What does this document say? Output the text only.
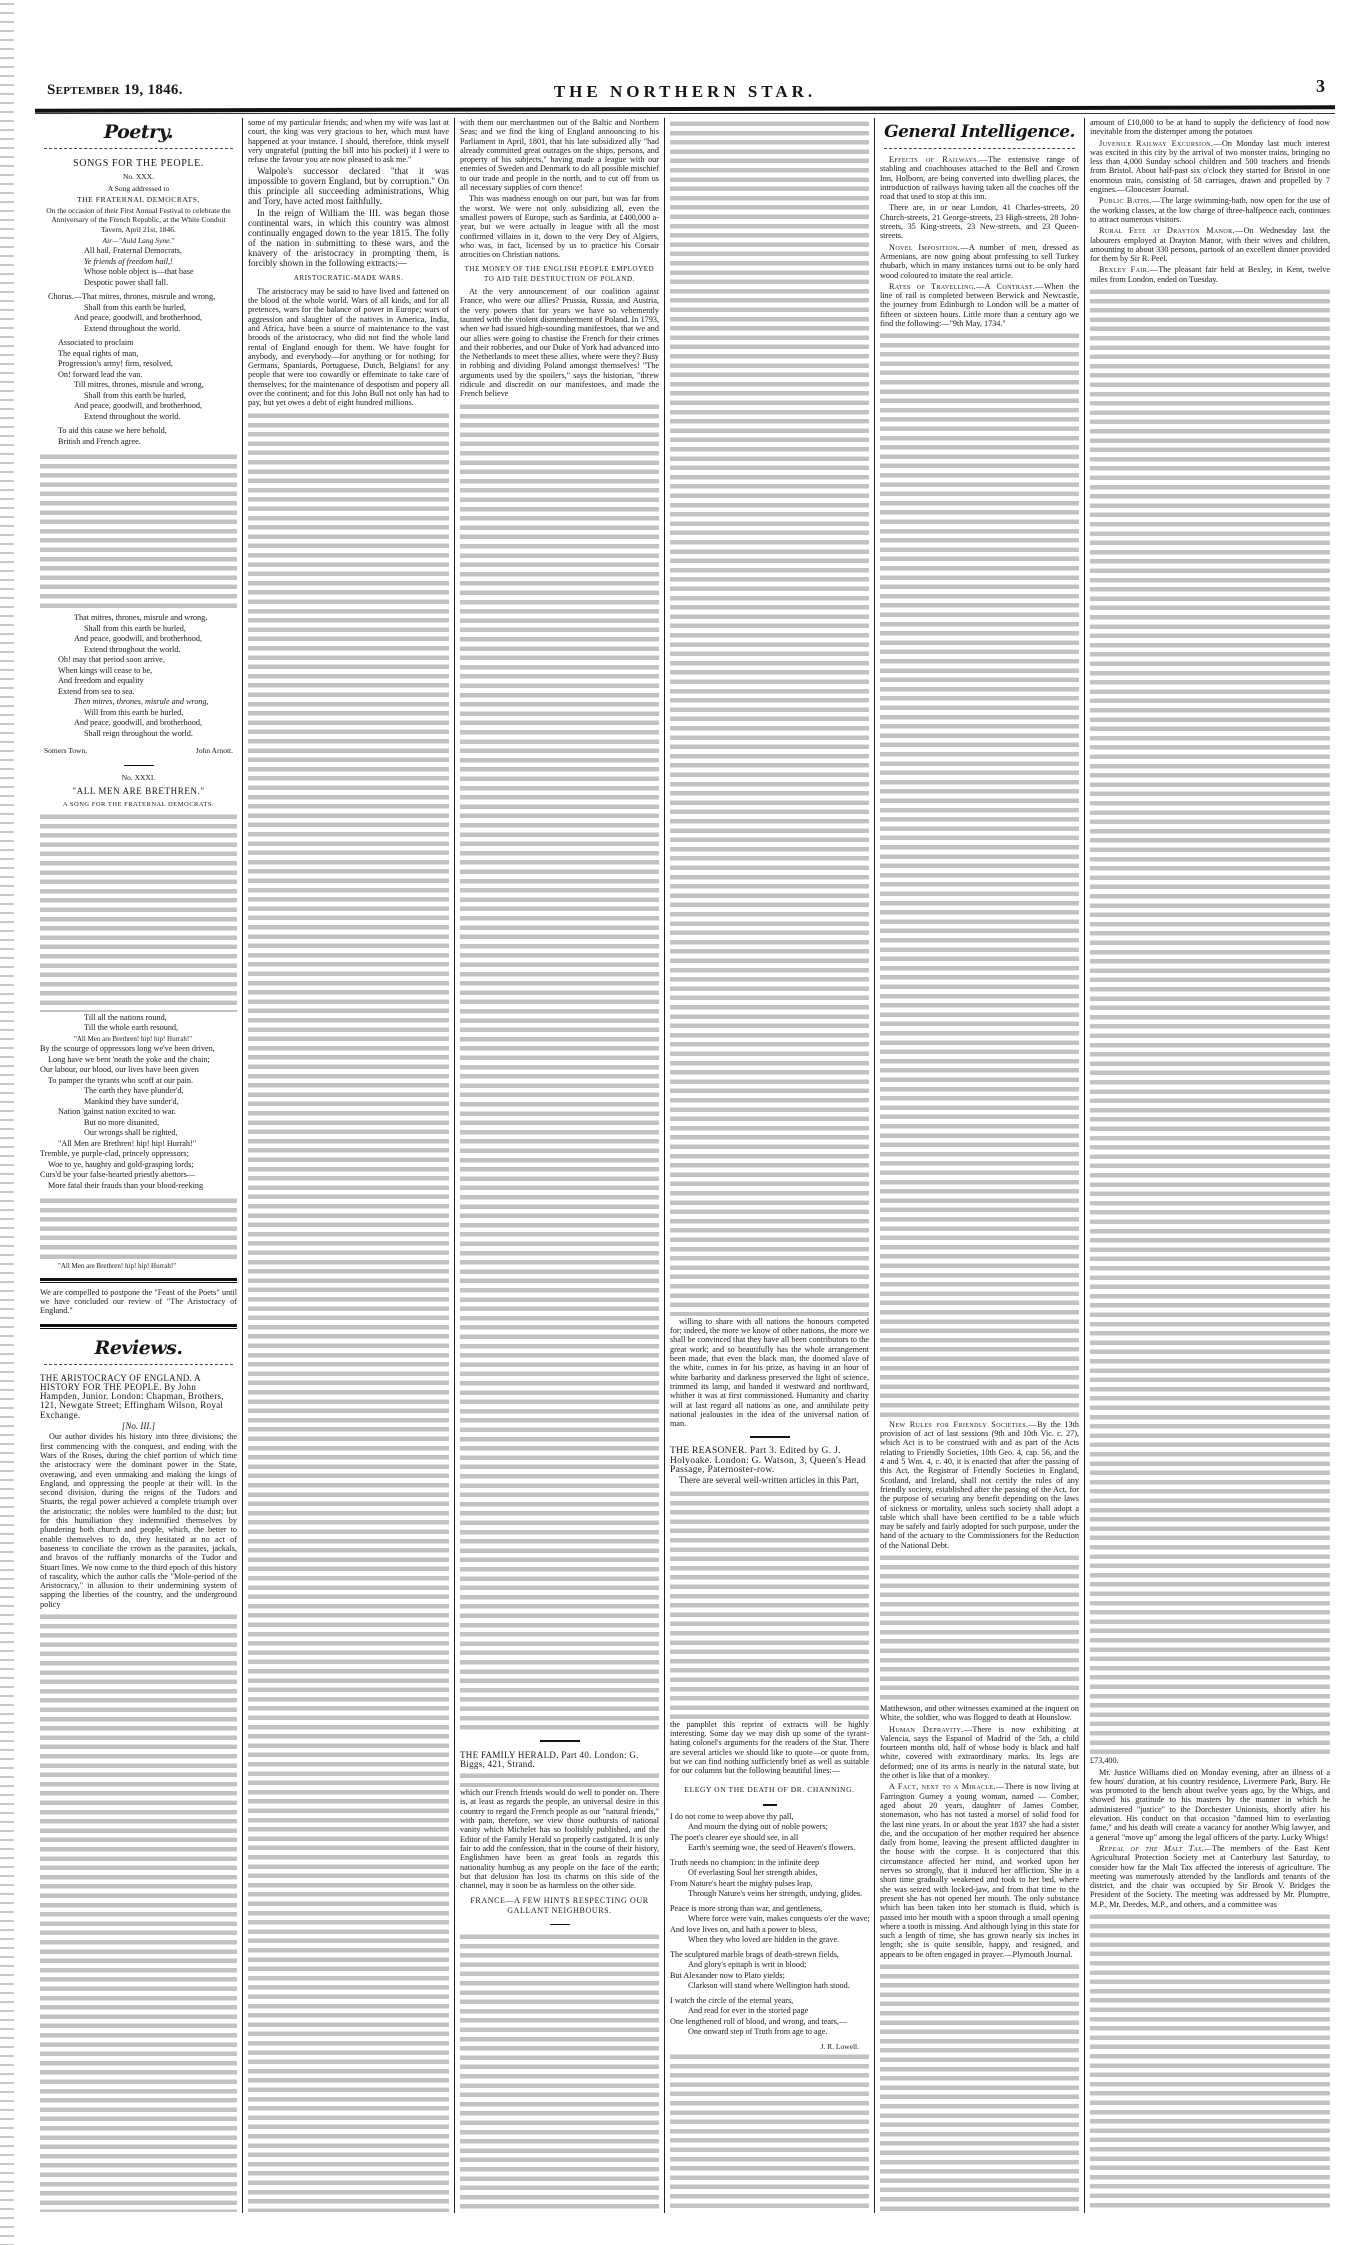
September 19, 1846.	THE NORTHERN STAR.	3
Poetry.
SONGS FOR THE PEOPLE.
No. XXX.
A Song addressed to
THE FRATERNAL DEMOCRATS,
On the occasion of their First Annual Festival to celebrate the Anniversary of the French Republic, at the White Conduit Tavern, April 21st, 1846.
Air—"Auld Lang Syne."
All hail, Fraternal Democrats,
Ye friends of freedom hail,!
Whose noble object is—that base
Despotic power shall fall.
Chorus.—That mitres, thrones, misrule and wrong,
Shall from this earth be hurled,
And peace, goodwill, and brotherhood,
Extend throughout the world.
Associated to proclaim
The equal rights of man,
Progression's army! firm, resolved,
On! forward lead the van.
Till mitres, thrones, misrule and wrong,
Shall from this earth be hurled,
And peace, goodwill, and brotherhood,
Extend throughout the world.
To aid this cause we here behold,
British and French agree.
That mitres, thrones, misrule and wrong,
Shall from this earth be hurled,
And peace, goodwill, and brotherhood,
Extend throughout the world.
Oh! may that period soon arrive,
When kings will cease to be,
And freedom and equality
Extend from sea to sea.
Then mitres, thrones, misrule and wrong,
Will from this earth be hurled,
And peace, goodwill, and brotherhood,
Shall reign throughout the world.
Somers Town,	John Arnott.
No. XXXI.
"ALL MEN ARE BRETHREN."
A SONG FOR THE FRATERNAL DEMOCRATS.
Till all the nations round,
Till the whole earth resound,
"All Men are Brethren! hip! hip! Hurrah!"
By the scourge of oppressors long we've been driven,
Long have we bent 'neath the yoke and the chain;
Our labour, our blood, our lives have been given
To pamper the tyrants who scoff at our pain.
The earth they have plunder'd,
Mankind they have sunder'd,
Nation 'gainst nation excited to war.
But no more disunited,
Our wrongs shall be righted,
"All Men are Brethren! hip! hip! Hurrah!"
Tremble, ye purple-clad, princely oppressors;
Woe to ye, haughty and gold-grasping lords;
Curs'd be your false-hearted priestly abettors—
More fatal their frauds than your blood-reeking
"All Men are Brethren! hip! hip! Hurrah!"

We are compelled to postpone the "Feast of the Poets" until we have concluded our review of "The Aristocracy of England."

Reviews.

THE ARISTOCRACY OF ENGLAND. A HISTORY FOR THE PEOPLE. By John Hampden, Junior. London: Chapman, Brothers, 121, Newgate Street; Effingham Wilson, Royal Exchange.

[No. III.]

Our author divides his history into three divisions; the first commencing with the conquest, and ending with the Wars of the Roses, during the chief portion of which time the aristocracy were the dominant power in the State, overawing, and even unmaking and making the kings of England, and oppressing the people at their will. In the second division, during the reigns of the Tudors and Stuarts, the regal power achieved a complete triumph over the aristocratic; the nobles were humbled to the dust; but for this humiliation they indemnified themselves by plundering both church and people, which, the better to enable themselves to do, they hesitated at no act of baseness to conciliate the crown as the parasites, jackals, and bravos of the ruffianly monarchs of the Tudor and Stuart lines. We now come to the third epoch of this history of rascality, which the author calls the "Mole-period of the Aristocracy," in allusion to their undermining system of sapping the liberties of the country, and the underground policy

some of my particular friends; and when my wife was last at court, the king was very gracious to her, which must have happened at your instance. I should, therefore, think myself very ungrateful (putting the bill into his pocket) if I were to refuse the favour you are now pleased to ask me."

Walpole's successor declared "that it was impossible to govern England, but by corruption." On this principle all succeeding administrations, Whig and Tory, have acted most faithfully.

In the reign of William the III. was began those continental wars, in which this country was almost continually engaged down to the year 1815. The folly of the nation in submitting to these wars, and the knavery of the aristocracy in prompting them, is forcibly shown in the following extracts:—

ARISTOCRATIC-MADE WARS.

The aristocracy may be said to have lived and fattened on the blood of the whole world. Wars of all kinds, and for all pretences, wars for the balance of power in Europe; wars of aggression and slaughter of the natives in America, India, and Africa, have been a source of maintenance to the vast broods of the aristocracy, who did not find the whole land rental of England enough for them. We have fought for anybody, and everybody—for anything or for nothing; for Germans, Spaniards, Portuguese, Dutch, Belgians! for any people that were too cowardly or effeminate to take care of themselves; for the maintenance of despotism and popery all over the continent; and for this John Bull not only has had to pay, but yet owes a debt of eight hundred millions.

with them our merchantmen out of the Baltic and Northern Seas; and we find the king of England announcing to his Parliament in April, 1801, that his late subsidized ally "had already committed great outrages on the ships, persons, and property of his subjects," having made a league with our enemies of Sweden and Denmark to do all possible mischief to our trade and people in the north, and to cut off from us all necessary supplies of corn thence!

This was madness enough on our part, but was far from the worst. We were not only subsidizing all, even the smallest powers of Europe, such as Sardinia, at £400,000 a-year, but we were actually in league with all the most confirmed villains in it, down to the very Dey of Algiers, who was, in fact, licensed by us to practice his Corsair atrocities on Christian nations.

THE MONEY OF THE ENGLISH PEOPLE EMPLOYED TO AID THE DESTRUCTION OF POLAND.

At the very announcement of our coalition against France, who were our allies? Prussia, Russia, and Austria, the very powers that for years we have so vehemently taunted with the violent dismemberment of Poland. In 1793, when we had issued high-sounding manifestoes, that we and our allies were going to chastise the French for their crimes and their robberies, and our Duke of York had advanced into the Netherlands to meet these allies, where were they? Busy in robbing and dividing Poland amongst themselves! "The arguments used by the spoilers," says the historian, "threw ridicule and discredit on our manifestoes, and made the French believe

THE FAMILY HERALD. Part 40. London: G. Biggs, 421, Strand.

which our French friends would do well to ponder on. There is, at least as regards the people, an universal desire in this country to regard the French people as our "natural friends," with pain, therefore, we view those outbursts of national vanity which Michelet has so foolishly published, and the Editor of the Family Herald so properly castigated. It is only fair to add the confession, that in the course of their history, Englishmen have been as great fools as regards this nationality humbug as any people on the face of the earth; but that delusion has lost its charms on this side of the channel, may it soon be as harmless on the other side.

FRANCE—A FEW HINTS RESPECTING OUR GALLANT NEIGHBOURS.

willing to share with all nations the honours competed for; indeed, the more we know of other nations, the more we shall be convinced that they have all been contributors to the great work; and so beautifully has the whole arrangement been made, that even the black man, the doomed slave of the white, comes in for his prize, as having in an hour of white barbarity and darkness preserved the light of science, trimmed its lamp, and handed it westward and northward, whither it was at first commissioned. Humanity and charity will at last regard all nations as one, and annihilate petty national jealousies in the idea of the universal nation of man.

THE REASONER. Part 3. Edited by G. J. Holyoake. London: G. Watson, 3, Queen's Head Passage, Paternoster-row.

There are several well-written articles in this Part,

the pamphlet this reprint of extracts will be highly interesting. Some day we may dish up some of the tyrant-hating colonel's arguments for the readers of the Star. There are several articles we should like to quote—or quote from, but we can find nothing sufficiently brief as well as suitable for our columns but the following beautiful lines:—

ELEGY ON THE DEATH OF DR. CHANNING.
I do not come to weep above thy pall,
And mourn the dying out of noble powers;
The poet's clearer eye should see, in all
Earth's seeming woe, the seed of Heaven's flowers.
Truth needs no champion: in the infinite deep
Of everlasting Soul her strength abides,
From Nature's heart the mighty pulses leap,
Through Nature's veins her strength, undying, glides.
Peace is more strong than war, and gentleness,
Where force were vain, makes conquests o'er the wave;
And love lives on, and hath a power to bless,
When they who loved are hidden in the grave.
The sculptured marble brags of death-strewn fields,
And glory's epitaph is writ in blood;
But Alexander now to Plato yields;
Clarkson will stand where Wellington hath stood.
I watch the circle of the eternal years,
And read for ever in the storied page
One lengthened roll of blood, and wrong, and tears,—
One onward step of Truth from age to age.
J. R. Lowell.
General Intelligence.

Effects of Railways.—The extensive range of stabling and coachhouses attached to the Bell and Crown Inn, Holborn, are being converted into dwelling places, the introduction of railways having taken all the coaches off the road that used to stop at this inn.

There are, in or near London, 41 Charles-streets, 20 Church-streets, 21 George-streets, 23 High-streets, 28 John-streets, 35 King-streets, 23 New-streets, and 23 Queen-streets.

Novel Imposition.—A number of men, dressed as Armenians, are now going about professing to sell Turkey rhubarb, which in many instances turns out to be only hard wood coloured to imitate the real article.

Rates of Travelling.—A Contrast.—When the line of rail is completed between Berwick and Newcastle, the journey from Edinburgh to London will be a matter of fifteen or sixteen hours. Little more than a century ago we find the following:—"9th May, 1734."

New Rules for Friendly Societies.—By the 13th provision of act of last sessions (9th and 10th Vic. c. 27), which Act is to be construed with and as part of the Acts relating to Friendly Societies, 10th Geo. 4, cap. 56, and the 4 and 5 Wm. 4, c. 40, it is enacted that after the passing of this Act, the Registrar of Friendly Societies in England, Scotland, and Ireland, shall not certify the rules of any friendly society, established after the passing of the Act, for the purpose of securing any benefit depending on the laws of sickness or mortality, unless such society shall adopt a table which shall have been certified to be a table which may be safely and fairly adopted for such purpose, under the hand of the actuary to the Commissioners for the Reduction of the National Debt.

Matthewson, and other witnesses examined at the inquest on White, the soldier, who was flogged to death at Hounslow.

Human Depravity.—There is now exhibiting at Valencia, says the Espanol of Madrid of the 5th, a child fourteen months old, half of whose body is black and half white, covered with extraordinary marks. Its legs are deformed; one of its arms is nearly in the natural state, but the other is like that of a monkey.

A Fact, next to a Miracle.—There is now living at Farrington Gurney a young woman, named — Comber, aged about 20 years, daughter of James Comber, stonemason, who has not tasted a morsel of solid food for the last nine years. In or about the year 1837 she had a sister die, and the occupation of her mother required her absence daily from home, leaving the present afflicted daughter in the house with the corpse. It is conjectured that this circumstance affected her mind, and worked upon her nerves so strongly, that it induced her affliction. She in a short time gradually weakened and took to her bed, where she was seized with locked-jaw, and from that time to the present she has not opened her mouth. The only substance which has been taken into her stomach is fluid, which is passed into her mouth with a spoon through a small opening where a tooth is missing. And although lying in this state for such a length of time, she has grown nearly six inches in length; she is quite sensible, happy, and resigned, and appears to be often engaged in prayer.—Plymouth Journal.

amount of £10,000 to be at hand to supply the deficiency of food now inevitable from the distemper among the potatoes

Juvenile Railway Excursion.—On Monday last much interest was excited in this city by the arrival of two monster trains, bringing no less than 4,000 Sunday school children and 500 teachers and friends from Bristol. About half-past six o'clock they started for Bristol in one enormous train, consisting of 58 carriages, drawn and propelled by 7 engines.—Gloucester Journal.

Public Baths.—The large swimming-bath, now open for the use of the working classes, at the low charge of three-halfpence each, continues to attract numerous visitors.

Rural Fete at Drayton Manor.—On Wednesday last the labourers employed at Drayton Manor, with their wives and children, amounting to about 330 persons, partook of an excellent dinner provided for them by Sir R. Peel.

Bexley Fair.—The pleasant fair held at Bexley, in Kent, twelve miles from London, ended on Tuesday.

£73,400.

Mr. Justice Williams died on Monday evening, after an illness of a few hours' duration, at his country residence, Livermere Park, Bury. He was promoted to the bench about twelve years ago, by the Whigs, and showed his gratitude to his masters by the manner in which he administered "justice" to the Dorchester Unionists, shortly after his elevation. His conduct on that occasion "damned him to everlasting fame," and his death will create a vacancy for another Whig lawyer, and a general "move up" among the legal officers of the party. Lucky Whigs!

Repeal of the Malt Tax.—The members of the East Kent Agricultural Protection Society met at Canterbury last Saturday, to consider how far the Malt Tax affected the interests of agriculture. The meeting was numerously attended by the landlords and tenants of the district, and the chair was occupied by Sir Brook V. Bridges the President of the Society. The meeting was addressed by Mr. Plumptre, M.P., Mr. Deedes, M.P., and others, and a committee was
